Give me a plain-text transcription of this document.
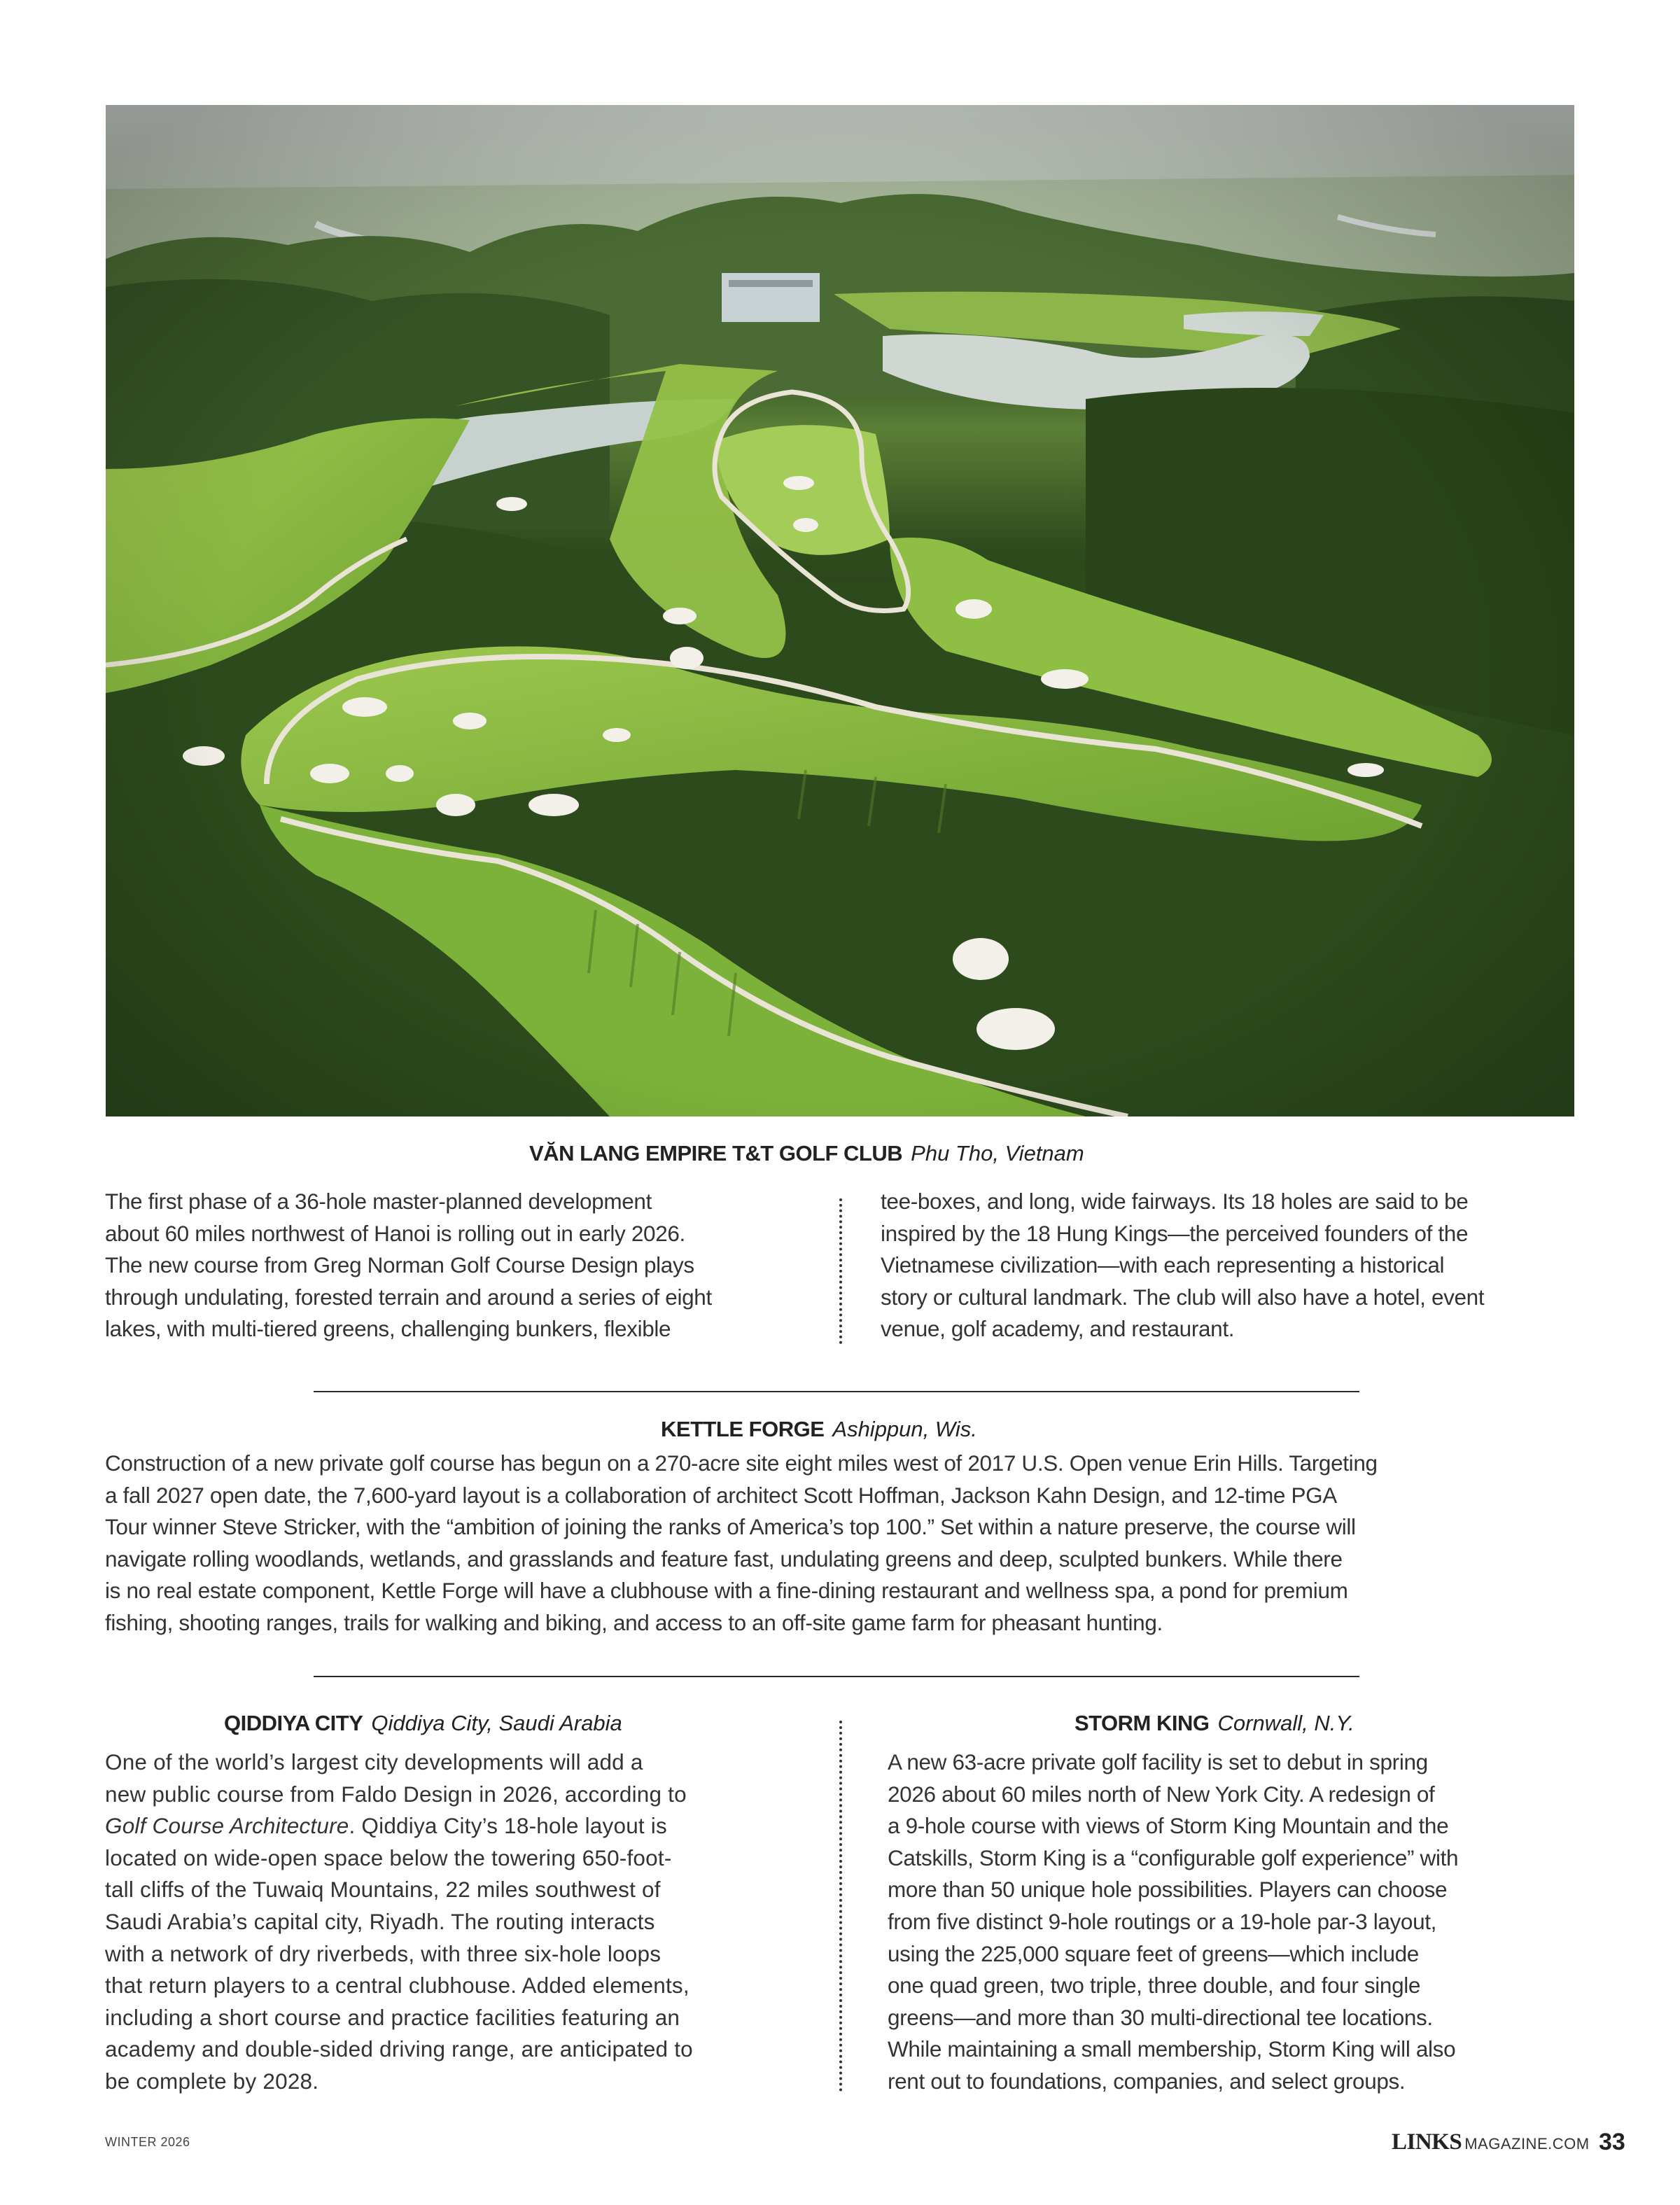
VĂN LANG EMPIRE T&T GOLF CLUB Phu Tho, Vietnam
The first phase of a 36-hole master-planned development
about 60 miles northwest of Hanoi is rolling out in early 2026.
The new course from Greg Norman Golf Course Design plays
through undulating, forested terrain and around a series of eight
lakes, with multi-tiered greens, challenging bunkers, flexible
tee-boxes, and long, wide fairways. Its 18 holes are said to be
inspired by the 18 Hung Kings—the perceived founders of the
Vietnamese civilization—with each representing a historical
story or cultural landmark. The club will also have a hotel, event
venue, golf academy, and restaurant.
KETTLE FORGE Ashippun, Wis.
Construction of a new private golf course has begun on a 270-acre site eight miles west of 2017 U.S. Open venue Erin Hills. Targeting
a fall 2027 open date, the 7,600-yard layout is a collaboration of architect Scott Hoffman, Jackson Kahn Design, and 12-time PGA
Tour winner Steve Stricker, with the “ambition of joining the ranks of America’s top 100.” Set within a nature preserve, the course will
navigate rolling woodlands, wetlands, and grasslands and feature fast, undulating greens and deep, sculpted bunkers. While there
is no real estate component, Kettle Forge will have a clubhouse with a fine-dining restaurant and wellness spa, a pond for premium
fishing, shooting ranges, trails for walking and biking, and access to an off-site game farm for pheasant hunting.
QIDDIYA CITY Qiddiya City, Saudi Arabia
One of the world’s largest city developments will add a
new public course from Faldo Design in 2026, according to
Golf Course Architecture. Qiddiya City’s 18-hole layout is
located on wide-open space below the towering 650-foot-
tall cliffs of the Tuwaiq Mountains, 22 miles southwest of
Saudi Arabia’s capital city, Riyadh. The routing interacts
with a network of dry riverbeds, with three six-hole loops
that return players to a central clubhouse. Added elements,
including a short course and practice facilities featuring an
academy and double-sided driving range, are anticipated to
be complete by 2028.
STORM KING Cornwall, N.Y.
A new 63-acre private golf facility is set to debut in spring
2026 about 60 miles north of New York City. A redesign of
a 9-hole course with views of Storm King Mountain and the
Catskills, Storm King is a “configurable golf experience” with
more than 50 unique hole possibilities. Players can choose
from five distinct 9-hole routings or a 19-hole par-3 layout,
using the 225,000 square feet of greens—which include
one quad green, two triple, three double, and four single
greens—and more than 30 multi-directional tee locations.
While maintaining a small membership, Storm King will also
rent out to foundations, companies, and select groups.
WINTER 2026	LINKS MAGAZINE.COM 33
